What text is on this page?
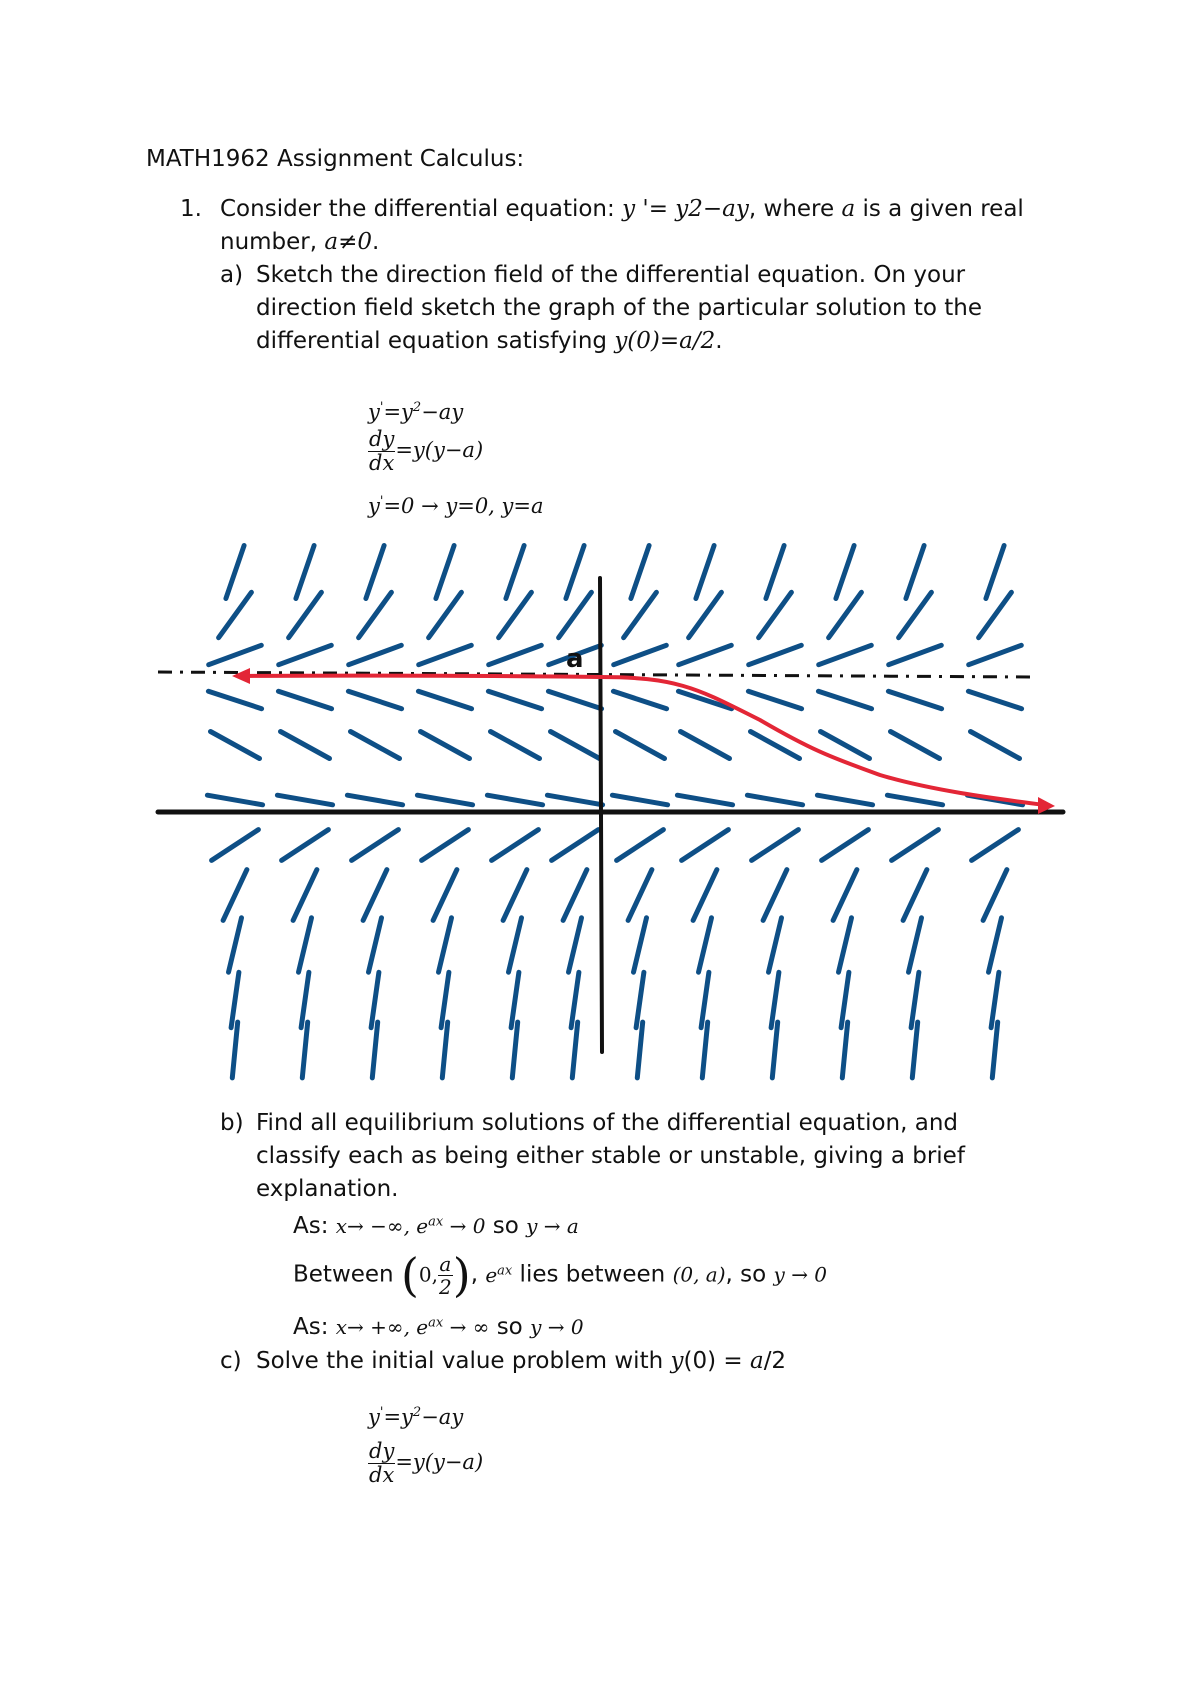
MATH1962 Assignment Calculus:
1. Consider the differential equation: y '= y2−ay, where a is a given real
number, a≠0.
a) Sketch the direction field of the differential equation. On your
direction field sketch the graph of the particular solution to the
differential equation satisfying y(0)=a∕2.
$y'=y^2-ay$
$\frac{dy}{dx} =y(y-a)$
y'=0 → y=0, y=a
a
b) Find all equilibrium solutions of the differential equation, and
classify each as being either stable or unstable, giving a brief
explanation.
As: x→ −∞, $e^{ax} \to 0$ so y → a
Between (0, $\frac{a}{2}$ ), $e^{ax}$ lies between (0, a), so y → 0
As: x→ +∞, $e^{ax}$ → ∞ so y → 0
c) Solve the initial value problem with y(0) = a/2
$y'=y^2-ay$
$\frac{dy}{dx} =y(y-a)$
